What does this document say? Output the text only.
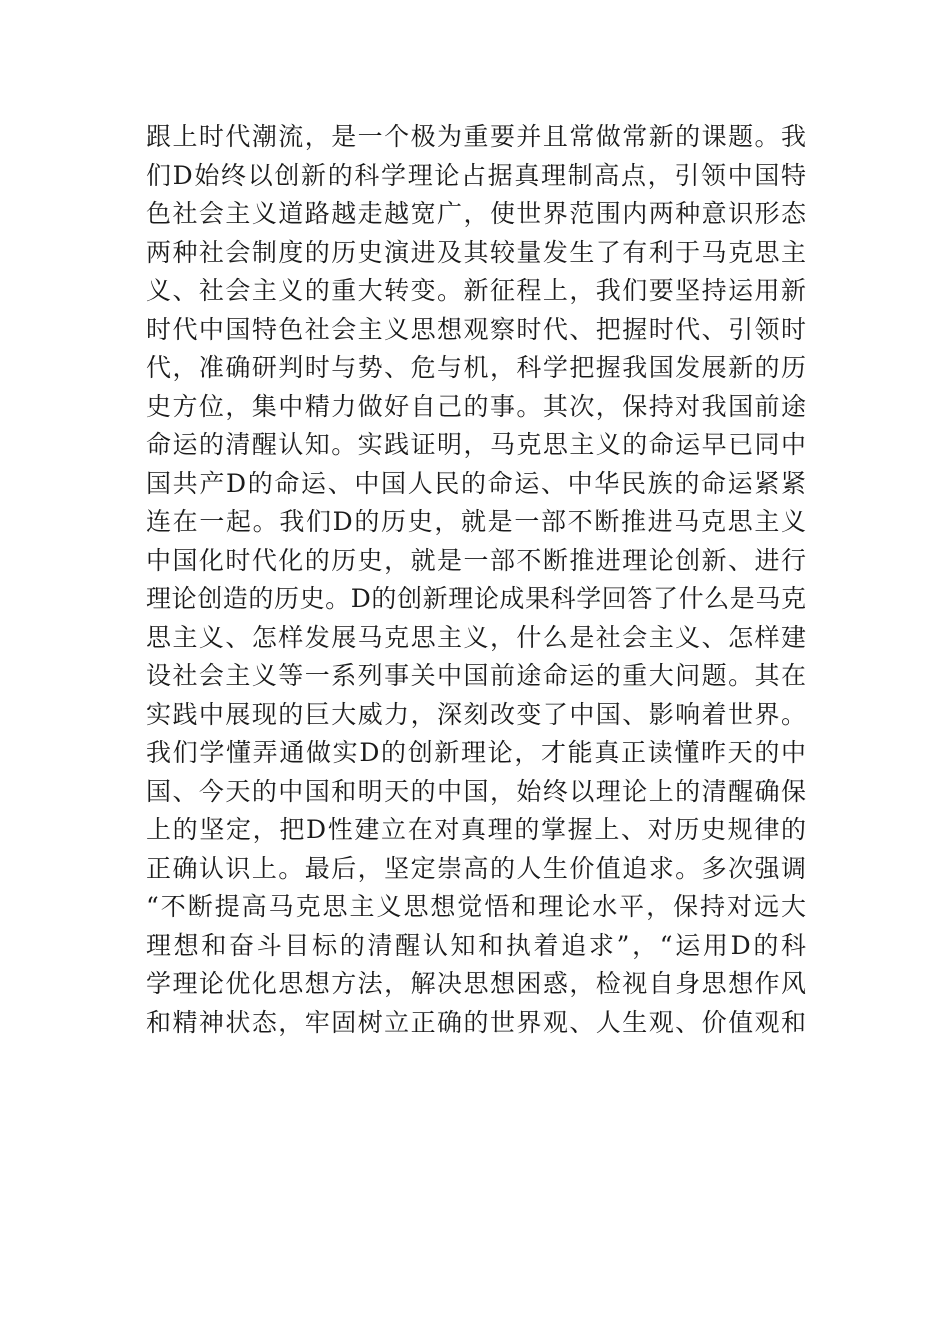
跟上时代潮流，是一个极为重要并且常做常新的课题。我
们D始终以创新的科学理论占据真理制高点，引领中国特
色社会主义道路越走越宽广，使世界范围内两种意识形态
两种社会制度的历史演进及其较量发生了有利于马克思主
义、社会主义的重大转变。新征程上，我们要坚持运用新
时代中国特色社会主义思想观察时代、把握时代、引领时
代，准确研判时与势、危与机，科学把握我国发展新的历
史方位，集中精力做好自己的事。其次，保持对我国前途
命运的清醒认知。实践证明，马克思主义的命运早已同中
国共产D的命运、中国人民的命运、中华民族的命运紧紧
连在一起。我们D的历史，就是一部不断推进马克思主义
中国化时代化的历史，就是一部不断推进理论创新、进行
理论创造的历史。D的创新理论成果科学回答了什么是马克
思主义、怎样发展马克思主义，什么是社会主义、怎样建
设社会主义等一系列事关中国前途命运的重大问题。其在
实践中展现的巨大威力，深刻改变了中国、影响着世界。
我们学懂弄通做实D的创新理论，才能真正读懂昨天的中
国、今天的中国和明天的中国，始终以理论上的清醒确保
上的坚定，把D性建立在对真理的掌握上、对历史规律的
正确认识上。最后，坚定崇高的人生价值追求。多次强调
“不断提高马克思主义思想觉悟和理论水平，保持对远大
理想和奋斗目标的清醒认知和执着追求”，“运用D的科
学理论优化思想方法，解决思想困惑，检视自身思想作风
和精神状态，牢固树立正确的世界观、人生观、价值观和
